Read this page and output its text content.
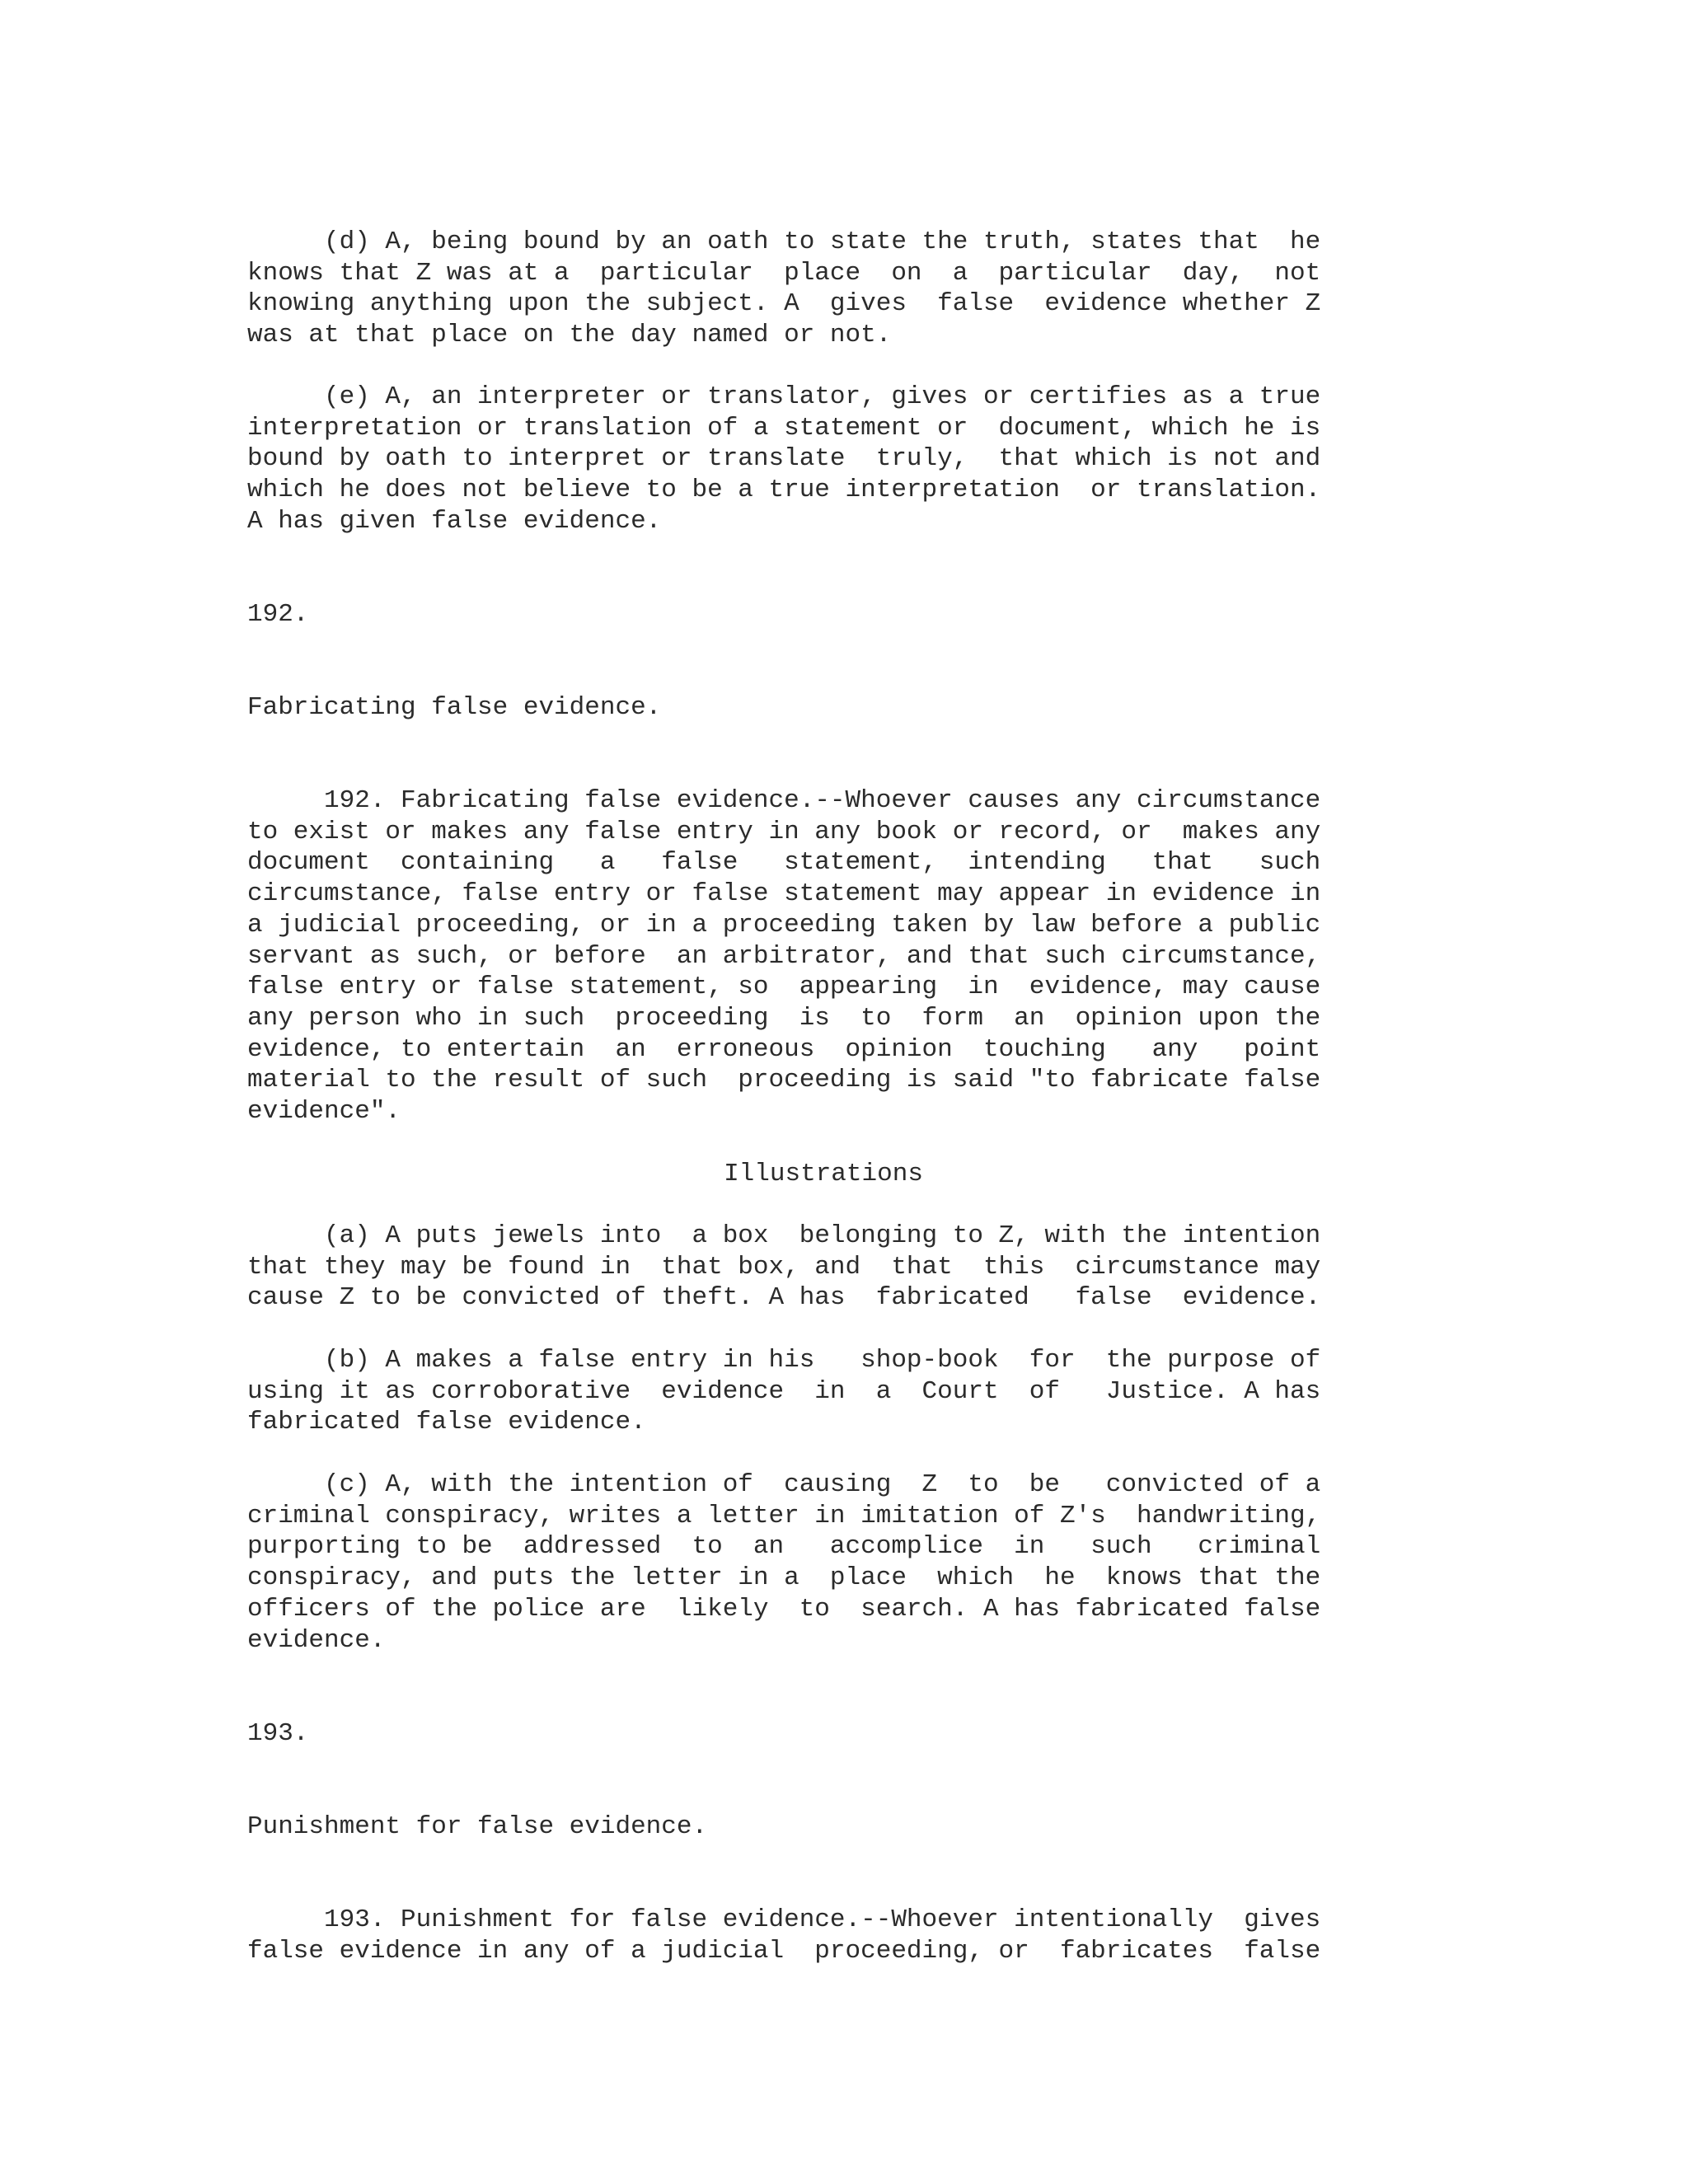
(d) A, being bound by an oath to state the truth, states that  he
knows that Z was at a  particular  place  on  a  particular  day,  not
knowing anything upon the subject. A  gives  false  evidence whether Z
was at that place on the day named or not.

(e) A, an interpreter or translator, gives or certifies as a true
interpretation or translation of a statement or  document, which he is
bound by oath to interpret or translate  truly,  that which is not and
which he does not believe to be a true interpretation  or translation.
A has given false evidence.

192.

Fabricating false evidence.

192. Fabricating false evidence.--Whoever causes any circumstance
to exist or makes any false entry in any book or record, or  makes any
document  containing   a   false   statement,  intending   that   such
circumstance, false entry or false statement may appear in evidence in
a judicial proceeding, or in a proceeding taken by law before a public
servant as such, or before  an arbitrator, and that such circumstance,
false entry or false statement, so  appearing  in  evidence, may cause
any person who in such  proceeding  is  to  form  an  opinion upon the
evidence, to entertain  an  erroneous  opinion  touching   any   point
material to the result of such  proceeding is said "to fabricate false
evidence".

Illustrations

(a) A puts jewels into  a box  belonging to Z, with the intention
that they may be found in  that box, and  that  this  circumstance may
cause Z to be convicted of theft. A has  fabricated   false  evidence.

(b) A makes a false entry in his   shop-book  for  the purpose of
using it as corroborative  evidence  in  a  Court  of   Justice. A has
fabricated false evidence.

(c) A, with the intention of  causing  Z  to  be   convicted of a
criminal conspiracy, writes a letter in imitation of Z's  handwriting,
purporting to be  addressed  to  an   accomplice  in   such   criminal
conspiracy, and puts the letter in a  place  which  he  knows that the
officers of the police are  likely  to  search. A has fabricated false
evidence.

193.

Punishment for false evidence.

193. Punishment for false evidence.--Whoever intentionally  gives
false evidence in any of a judicial  proceeding, or  fabricates  false
